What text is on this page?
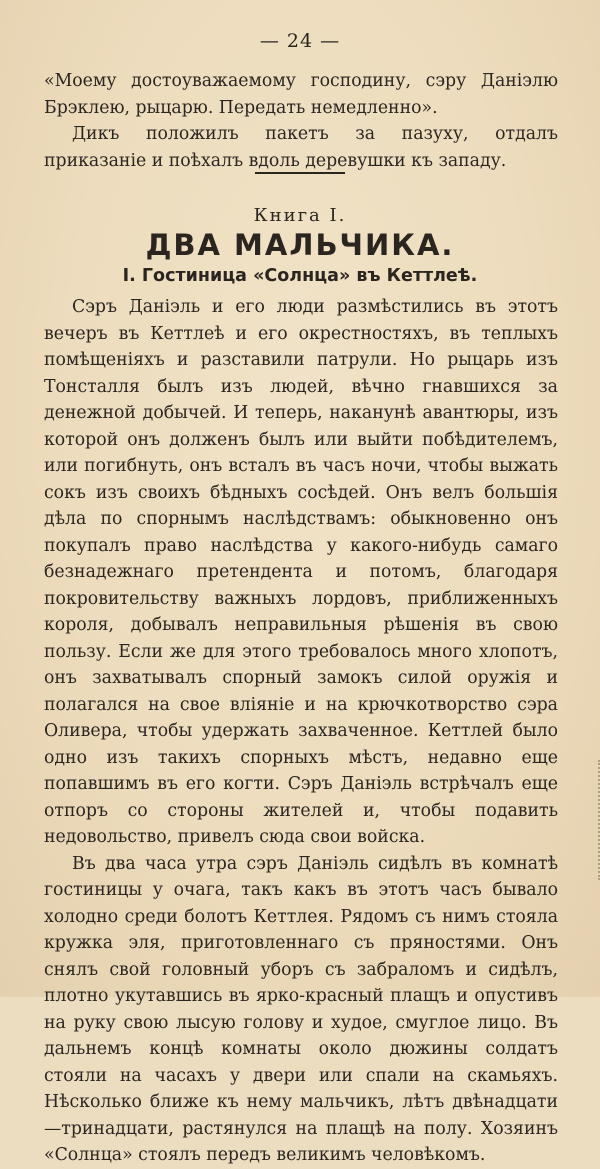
— 24 —

«Моему достоуважаемому господину, сэру Даніэлю Брэклею, рыцарю. Передать немедленно».

Дикъ положилъ пакетъ за пазуху, отдалъ приказаніе и поѣхалъ вдоль деревушки къ западу.

Книга I.
ДВА МАЛЬЧИКА.
I. Гостиница «Солнца» въ Кеттлеѣ.

Сэръ Даніэль и его люди размѣстились въ этотъ вечеръ въ Кеттлеѣ и его окрестностяхъ, въ теплыхъ помѣщеніяхъ и разставили патрули. Но рыцарь изъ Тонсталля былъ изъ людей, вѣчно гнавшихся за денежной добычей. И теперь, наканунѣ авантюры, изъ которой онъ долженъ былъ или выйти побѣдителемъ, или погибнуть, онъ всталъ въ часъ ночи, чтобы выжать сокъ изъ своихъ бѣдныхъ сосѣдей. Онъ велъ большія дѣла по спорнымъ наслѣдствамъ: обыкновенно онъ покупалъ право наслѣдства у какого-нибудь самаго безнадежнаго претендента и потомъ, благодаря покровительству важныхъ лордовъ, приближенныхъ короля, добывалъ неправильныя рѣшенія въ свою пользу. Если же для этого требовалось много хлопотъ, онъ захватывалъ спорный замокъ силой оружія и полагался на свое вліяніе и на крючкотворство сэра Оливера, чтобы удержать захваченное. Кеттлей было одно изъ такихъ спорныхъ мѣстъ, недавно еще попавшимъ въ его когти. Сэръ Даніэль встрѣчалъ еще отпоръ со стороны жителей и, чтобы подавить недовольство, привелъ сюда свои войска.

Въ два часа утра сэръ Даніэль сидѣлъ въ комнатѣ гостиницы у очага, такъ какъ въ этотъ часъ бывало холодно среди болотъ Кеттлея. Рядомъ съ нимъ стояла кружка эля, приготовленнаго съ пряностями. Онъ снялъ свой головный уборъ съ забраломъ и сидѣлъ, плотно укутавшись въ ярко-красный плащъ и опустивъ на руку свою лысую голову и худое, смуглое лицо. Въ дальнемъ концѣ комнаты около дюжины солдатъ стояли на часахъ у двери или спали на скамьяхъ. Нѣсколько ближе къ нему мальчикъ, лѣтъ двѣнадцати—тринадцати, растянулся на плащѣ на полу. Хозяинъ «Солнца» стоялъ передъ великимъ человѣкомъ.
